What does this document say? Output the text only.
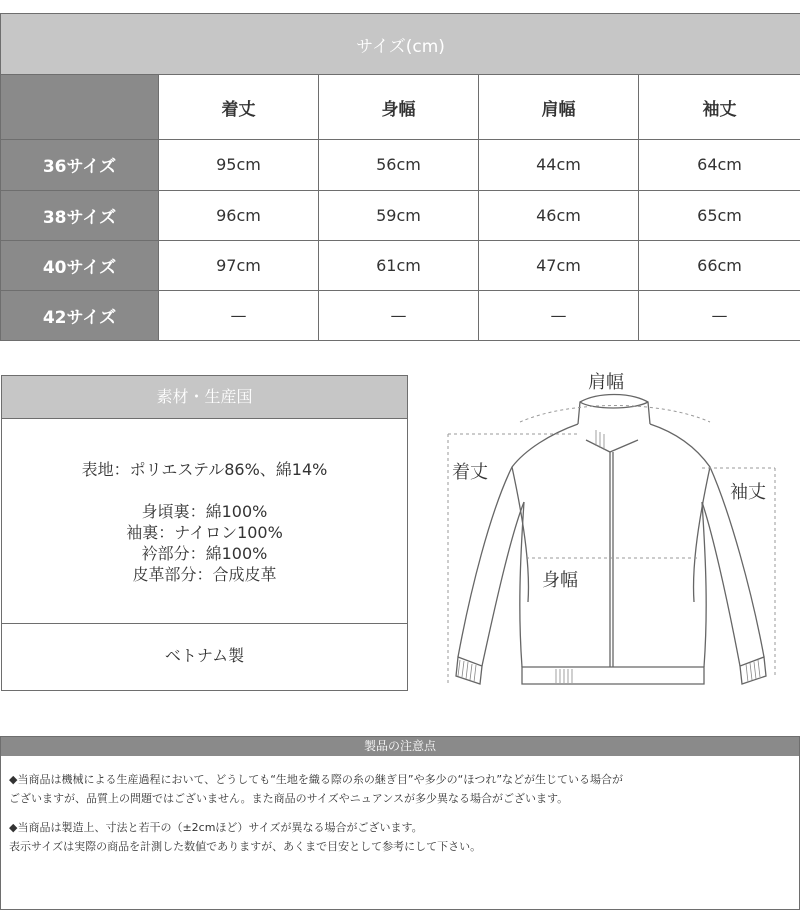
サイズ(cm)				
	着丈	身幅	肩幅	袖丈
36サイズ	95cm	56cm	44cm	64cm
38サイズ	96cm	59cm	46cm	65cm
40サイズ	97cm	61cm	47cm	66cm
42サイズ	—	—	—	—
素材・生産国
表地：ポリエステル86%、綿14%
身頃裏：綿100%
袖裏：ナイロン100%
衿部分：綿100%
皮革部分：合成皮革
ベトナム製
肩幅
着丈
袖丈
身幅
製品の注意点
◆当商品は機械による生産過程において、どうしても“生地を織る際の糸の継ぎ目”や多少の“ほつれ”などが生じている場合が
ございますが、品質上の問題ではございません。また商品のサイズやニュアンスが多少異なる場合がございます。
◆当商品は製造上、寸法と若干の（±2cmほど）サイズが異なる場合がございます。
表示サイズは実際の商品を計測した数値でありますが、あくまで目安として参考にして下さい。
